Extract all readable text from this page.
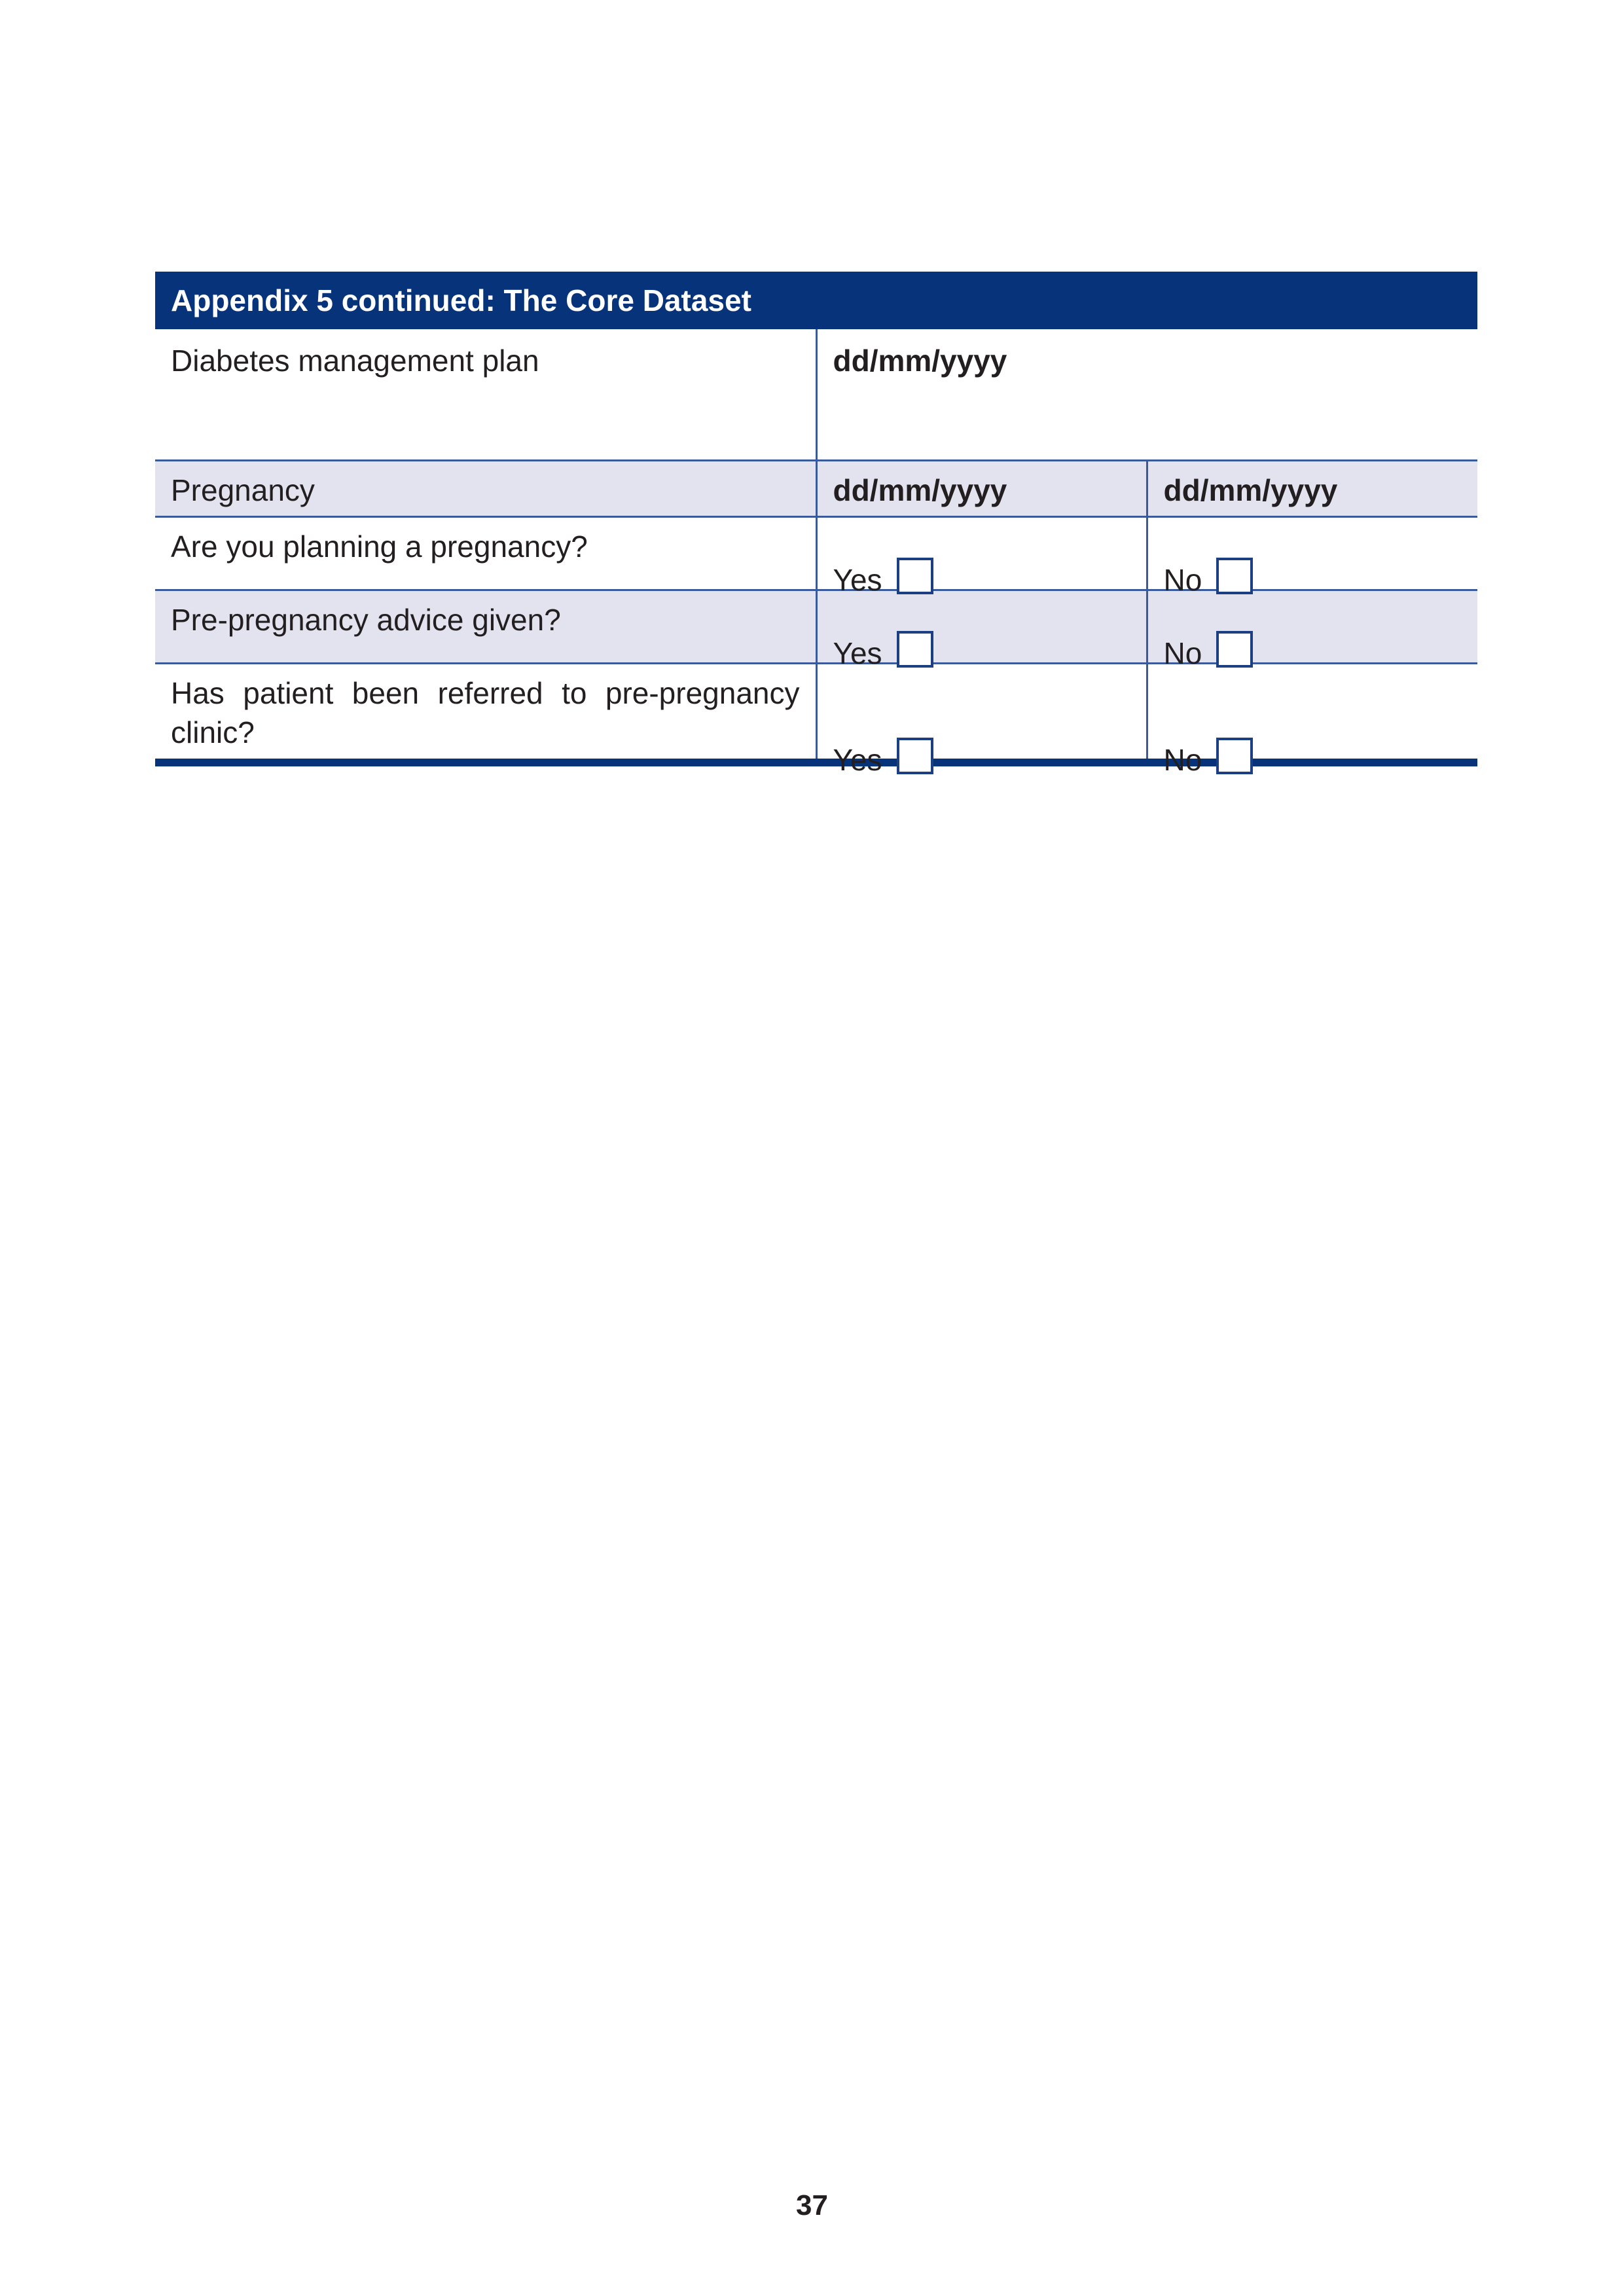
Appendix 5 continued: The Core Dataset		
Diabetes management plan	dd/mm/yyyy	
Pregnancy	dd/mm/yyyy	dd/mm/yyyy
Are you planning a pregnancy?	Yes	No

Pre-pregnancy advice given?	Yes	No

Has patient been referred to pre-pregnancy clinic?	Yes	No
37
